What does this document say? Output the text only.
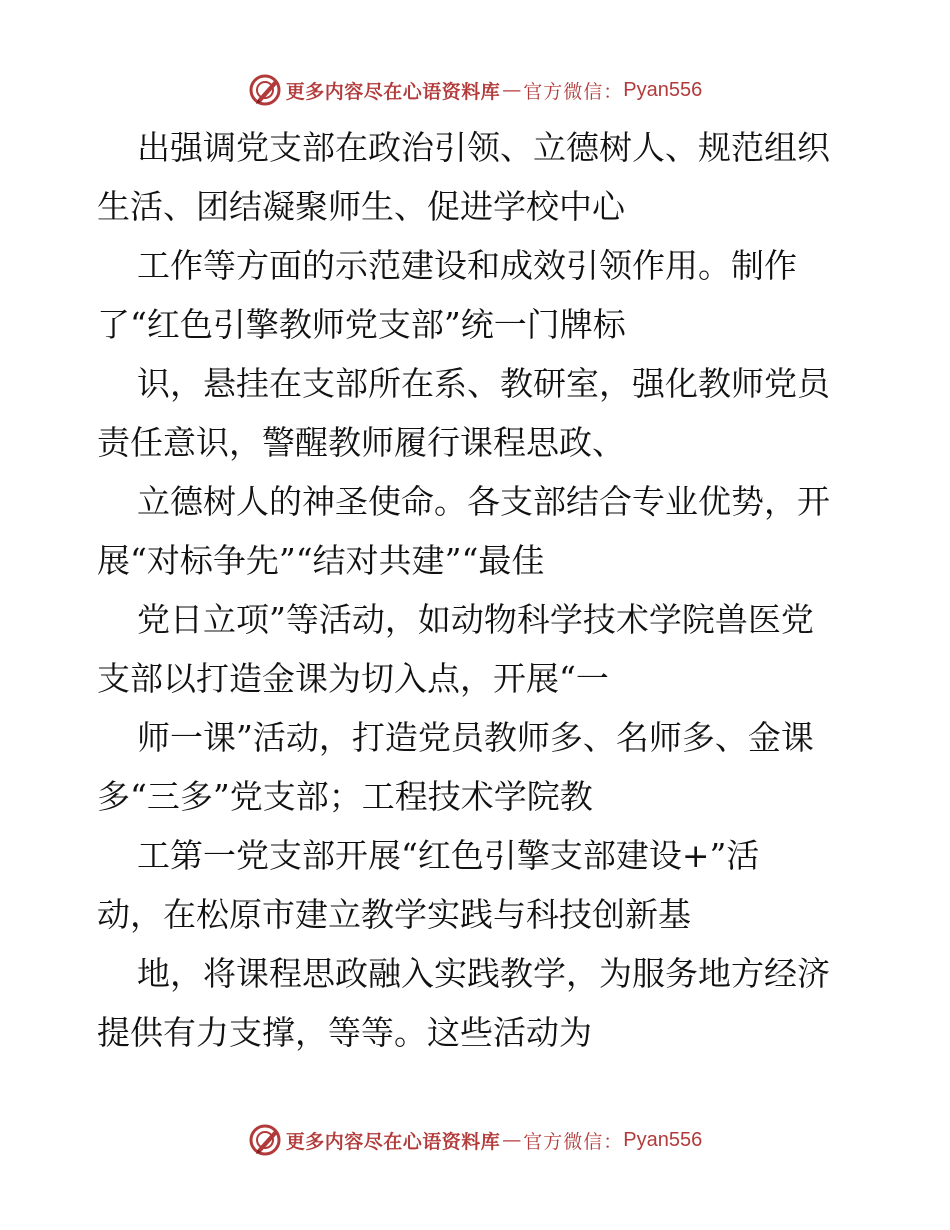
更多内容尽在心语资料库 — 官方微信： Pyan556
出强调党支部在政治引领、立德树人、规范组织
生活、团结凝聚师生、促进学校中心
工作等方面的示范建设和成效引领作用。制作
了“红色引擎教师党支部”统一门牌标
识，悬挂在支部所在系、教研室，强化教师党员
责任意识，警醒教师履行课程思政、
立德树人的神圣使命。各支部结合专业优势，开
展“对标争先”“结对共建”“最佳
党日立项”等活动，如动物科学技术学院兽医党
支部以打造金课为切入点，开展“一
师一课”活动，打造党员教师多、名师多、金课
多“三多”党支部；工程技术学院教
工第一党支部开展“红色引擎支部建设+”活
动，在松原市建立教学实践与科技创新基
地，将课程思政融入实践教学，为服务地方经济
提供有力支撑，等等。这些活动为
更多内容尽在心语资料库 — 官方微信： Pyan556
